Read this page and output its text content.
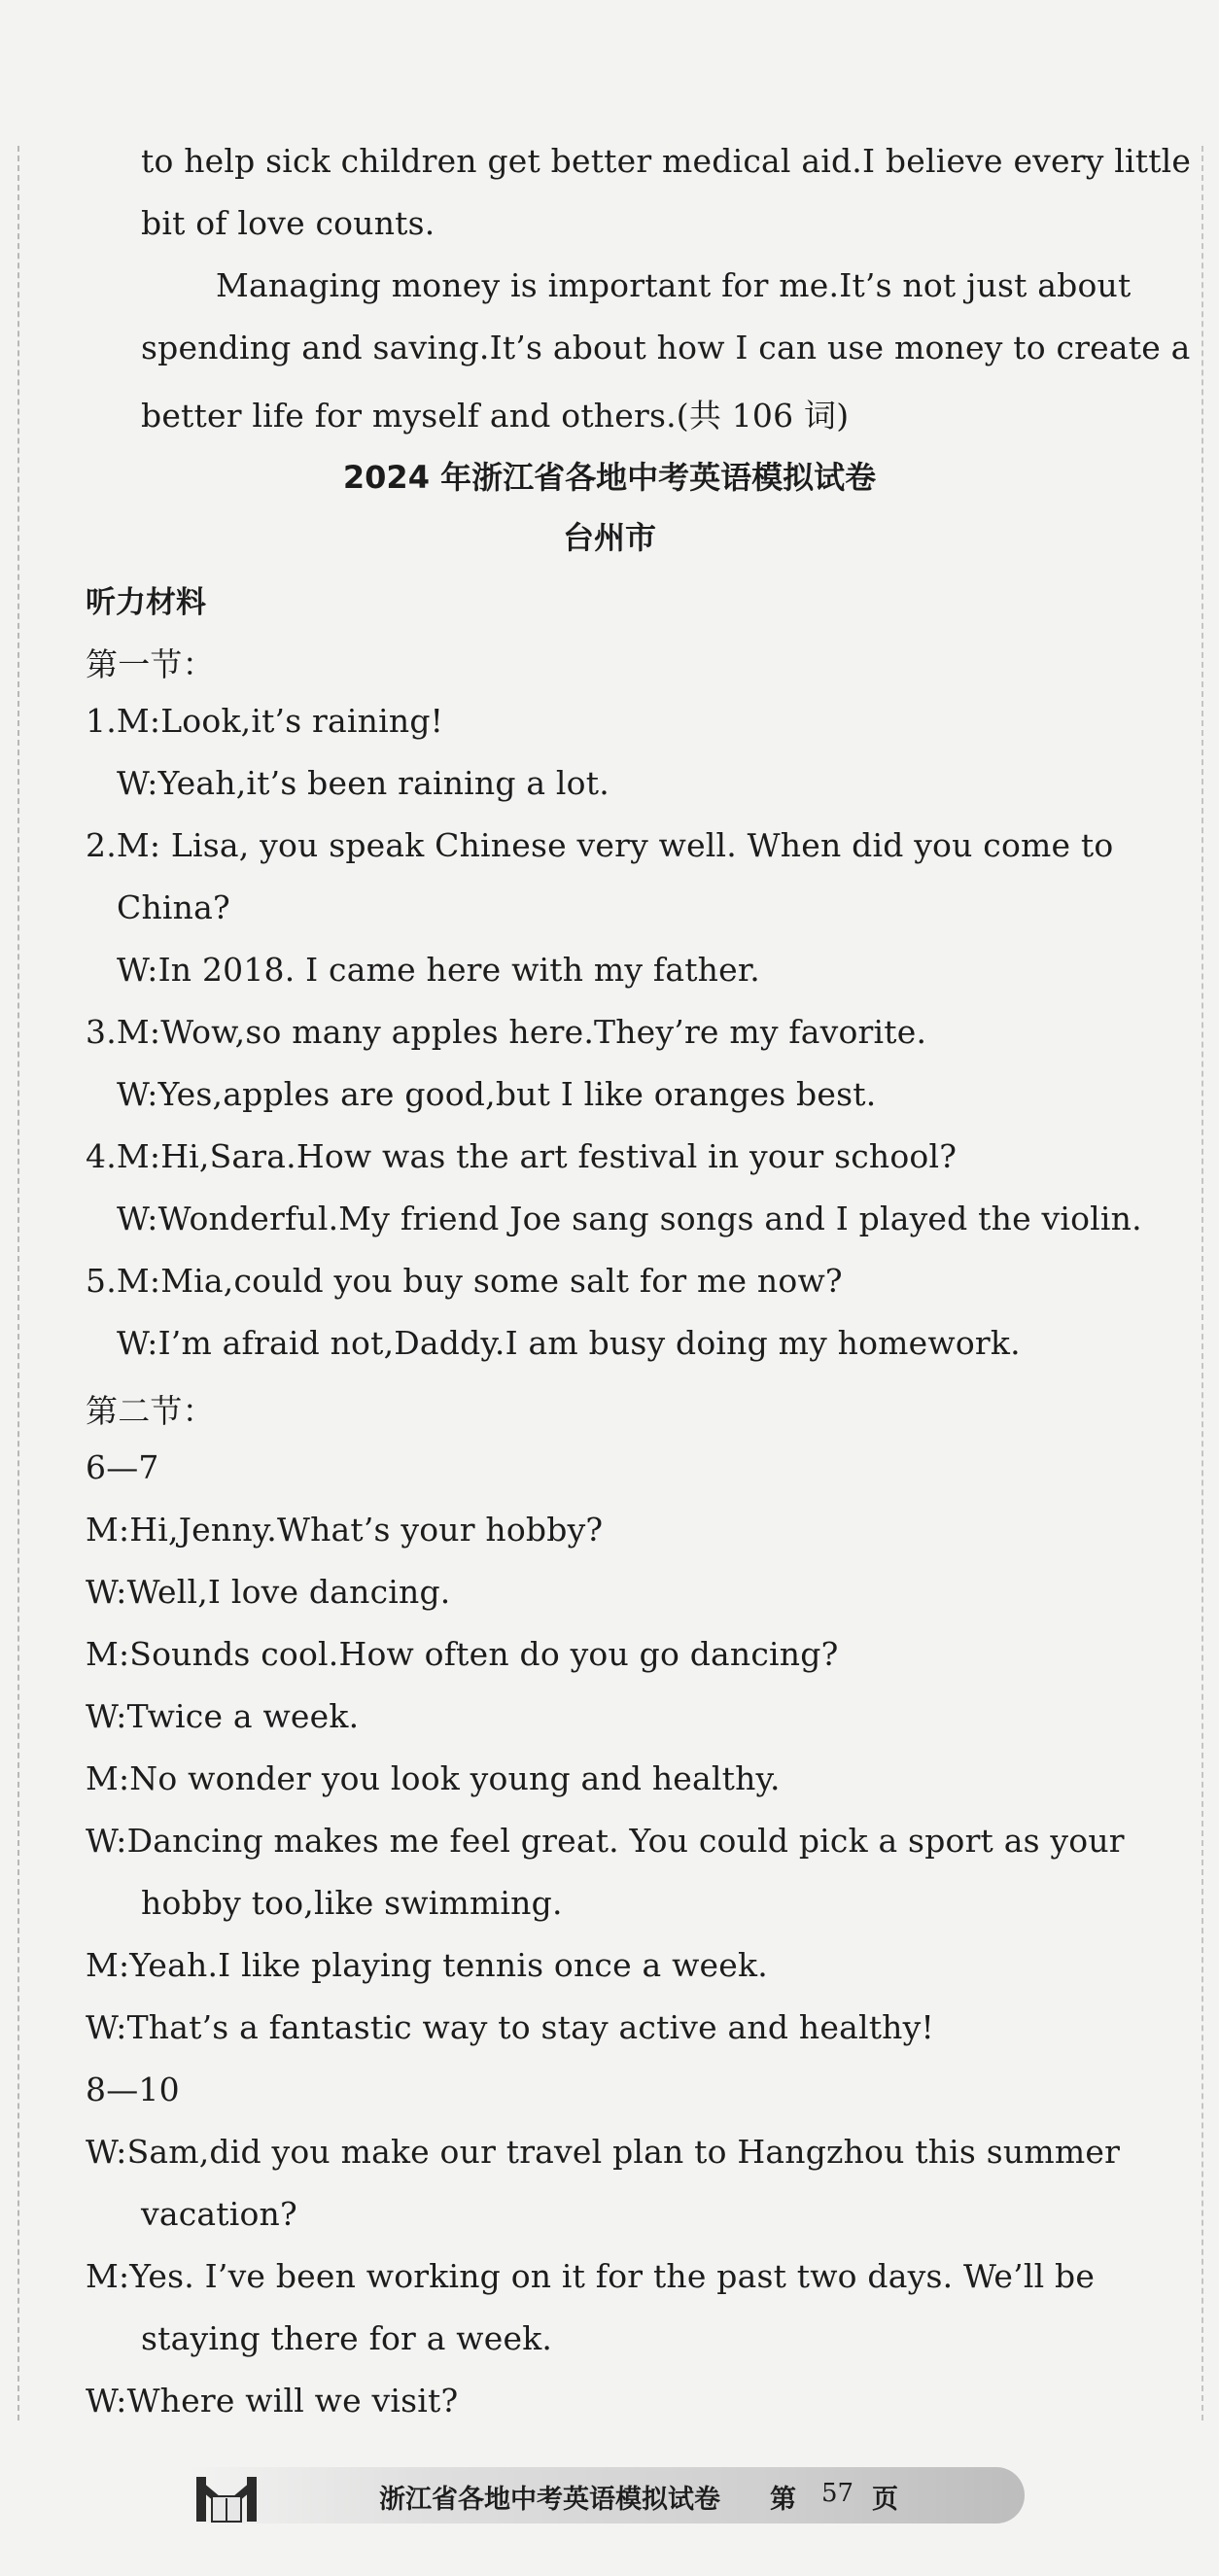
to help sick children get better medical aid.I believe every little
bit of love counts.
Managing money is important for me.It’s not just about
spending and saving.It’s about how I can use money to create a
better life for myself and others.(共 106 词)
2024 年浙江省各地中考英语模拟试卷
台州市
听力材料
第一节：
1.M:Look,it’s raining!
W:Yeah,it’s been raining a lot.
2.M: Lisa, you speak Chinese very well. When did you come to
China?
W:In 2018. I came here with my father.
3.M:Wow,so many apples here.They’re my favorite.
W:Yes,apples are good,but I like oranges best.
4.M:Hi,Sara.How was the art festival in your school?
W:Wonderful.My friend Joe sang songs and I played the violin.
5.M:Mia,could you buy some salt for me now?
W:I’m afraid not,Daddy.I am busy doing my homework.
第二节：
6—7
M:Hi,Jenny.What’s your hobby?
W:Well,I love dancing.
M:Sounds cool.How often do you go dancing?
W:Twice a week.
M:No wonder you look young and healthy.
W:Dancing makes me feel great. You could pick a sport as your
hobby too,like swimming.
M:Yeah.I like playing tennis once a week.
W:That’s a fantastic way to stay active and healthy!
8—10
W:Sam,did you make our travel plan to Hangzhou this summer
vacation?
M:Yes. I’ve been working on it for the past two days. We’ll be
staying there for a week.
W:Where will we visit?
浙江省各地中考英语模拟试卷 第 57 页
